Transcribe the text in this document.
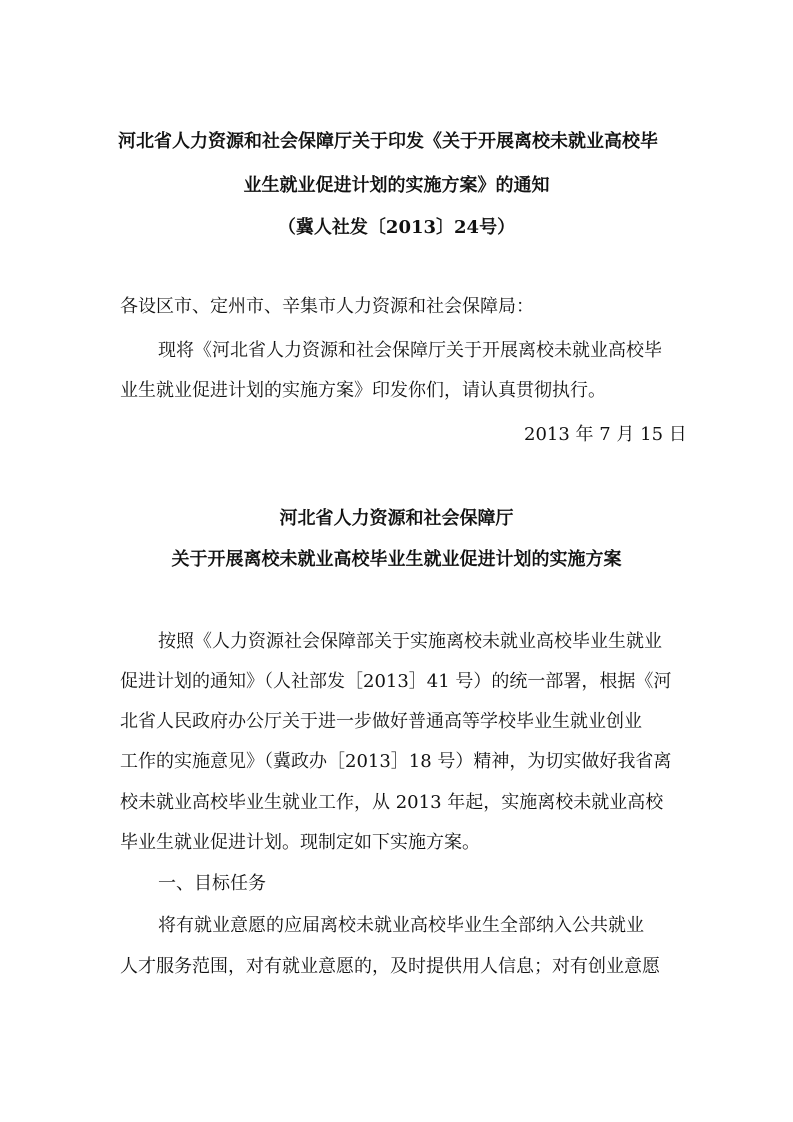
河北省人力资源和社会保障厅关于印发《关于开展离校未就业高校毕
业生就业促进计划的实施方案》的通知
（冀人社发〔2013〕24号）
各设区市、定州市、辛集市人力资源和社会保障局：
现将《河北省人力资源和社会保障厅关于开展离校未就业高校毕
业生就业促进计划的实施方案》印发你们，请认真贯彻执行。
2013 年 7 月 15 日
河北省人力资源和社会保障厅
关于开展离校未就业高校毕业生就业促进计划的实施方案
按照《人力资源社会保障部关于实施离校未就业高校毕业生就业
促进计划的通知》（人社部发［2013］41 号）的统一部署，根据《河
北省人民政府办公厅关于进一步做好普通高等学校毕业生就业创业
工作的实施意见》（冀政办［2013］18 号）精神，为切实做好我省离
校未就业高校毕业生就业工作，从 2013 年起，实施离校未就业高校
毕业生就业促进计划。现制定如下实施方案。
一、目标任务
将有就业意愿的应届离校未就业高校毕业生全部纳入公共就业
人才服务范围，对有就业意愿的，及时提供用人信息；对有创业意愿
